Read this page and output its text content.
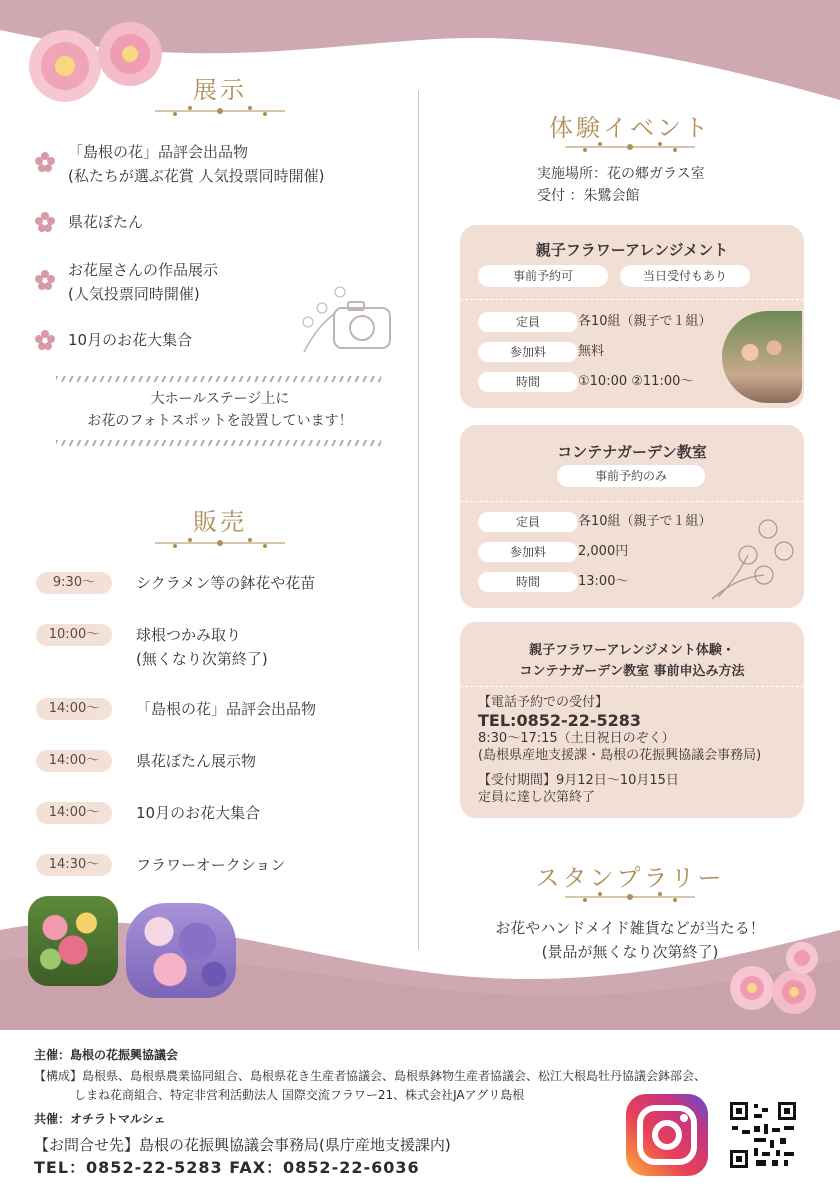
展示
「島根の花」品評会出品物
(私たちが選ぶ花賞 人気投票同時開催)
県花ぼたん
お花屋さんの作品展示
(人気投票同時開催)
10月のお花大集合
大ホールステージ上に
お花のフォトスポットを設置しています！
販売
9:30～	シクラメン等の鉢花や花苗
10:00～	球根つかみ取り
(無くなり次第終了)
14:00～	「島根の花」品評会出品物
14:00～	県花ぼたん展示物
14:00～	10月のお花大集合
14:30～	フラワーオークション
体験イベント
実施場所：花の郷ガラス室
受付 ：朱鷺会館
親子フラワーアレンジメント
事前予約可	当日受付もあり
定員	各10組（親子で１組）
参加料	無料
時間	①10:00 ②11:00～
コンテナガーデン教室
事前予約のみ
定員	各10組（親子で１組）
参加料	2,000円
時間	13:00～
親子フラワーアレンジメント体験・
コンテナガーデン教室 事前申込み方法
【電話予約での受付】
TEL:0852-22-5283
8:30～17:15（土日祝日のぞく）
(島根県産地支援課・島根の花振興協議会事務局)
【受付期間】9月12日～10月15日
定員に達し次第終了
スタンプラリー
お花やハンドメイド雑貨などが当たる！
(景品が無くなり次第終了)
主催：島根の花振興協議会
【構成】島根県、島根県農業協同組合、島根県花き生産者協議会、島根県鉢物生産者協議会、松江大根島牡丹協議会鉢部会、
しまね花商組合、特定非営利活動法人 国際交流フラワー21、株式会社JAアグリ島根
共催：オチラトマルシェ
【お問合せ先】島根の花振興協議会事務局(県庁産地支援課内)
TEL：0852-22-5283 FAX：0852-22-6036
